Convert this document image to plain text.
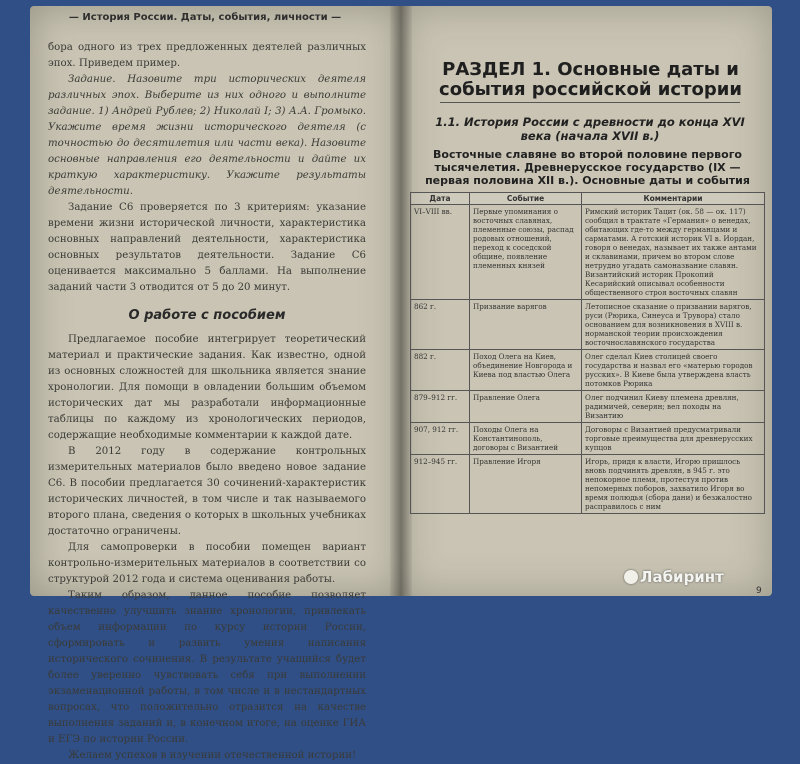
— История России. Даты, события, личности —

бора одного из трех предложенных деятелей различных эпох. Приведем пример.

Задание. Назовите три исторических деятеля различных эпох. Выберите из них одного и выполните задание. 1) Андрей Рублев; 2) Николай I; 3) А.А. Громыко. Укажите время жизни исторического деятеля (с точностью до десятилетия или части века). Назовите основные направления его деятельности и дайте их краткую характеристику. Укажите результаты деятельности.

Задание С6 проверяется по 3 критериям: указание времени жизни исторической личности, характеристика основных направлений деятельности, характеристика основных результатов деятельности. Задание С6 оценивается максимально 5 баллами. На выполнение заданий части 3 отводится от 5 до 20 минут.

О работе с пособием

Предлагаемое пособие интегрирует теоретический материал и практические задания. Как известно, одной из основных сложностей для школьника является знание хронологии. Для помощи в овладении большим объемом исторических дат мы разработали информационные таблицы по каждому из хронологических периодов, содержащие необходимые комментарии к каждой дате.

В 2012 году в содержание контрольных измерительных материалов было введено новое задание С6. В пособии предлагается 30 сочинений-характеристик исторических личностей, в том числе и так называемого второго плана, сведения о которых в школьных учебниках достаточно ограничены.

Для самопроверки в пособии помещен вариант контрольно-измерительных материалов в соответствии со структурой 2012 года и система оценивания работы.

Таким образом, данное пособие позволяет качественно улучшить знание хронологии, привлекать объем информации по курсу истории России, сформировать и развить умения написания исторического сочинения. В результате учащийся будет более уверенно чувствовать себя при выполнении экзаменационной работы, в том числе и в нестандартных вопросах, что положительно отразится на качестве выполнения заданий и, в конечном итоге, на оценке ГИА и ЕГЭ по истории России.

Желаем успехов в изучении отечественной истории!

РАЗДЕЛ 1. Основные даты и события российской истории
1.1. История России с древности до конца XVI века (начала XVII в.)
Восточные славяне во второй половине первого тысячелетия. Древнерусское государство (IX — первая половина XII в.). Основные даты и события
Дата	Событие	Комментарии
VI–VIII вв.	Первые упоминания о восточных славянах, племенные союзы, распад родовых отношений, переход к соседской общине, появление племенных князей	Римский историк Тацит (ок. 58 — ок. 117) сообщил в трактате «Германия» о венедах, обитающих где-то между германцами и сарматами. А готский историк VI в. Иордан, говоря о венедах, называет их также антами и склавинами, причем во втором слове нетрудно угадать самоназвание славян. Византийский историк Прокопий Кесарийский описывал особенности общественного строя восточных славян
862 г.	Призвание варягов	Летописное сказание о призвании варягов, руси (Рюрика, Синеуса и Трувора) стало основанием для возникновения в XVIII в. норманской теории происхождения восточнославянского государства
882 г.	Поход Олега на Киев, объединение Новгорода и Киева под властью Олега	Олег сделал Киев столицей своего государства и назвал его «матерью городов русских». В Киеве была утверждена власть потомков Рюрика
879–912 гг.	Правление Олега	Олег подчинил Киеву племена древлян, радимичей, северян; вел походы на Византию
907, 912 гг.	Походы Олега на Константинополь, договоры с Византией	Договоры с Византией предусматривали торговые преимущества для древнерусских купцов
912–945 гг.	Правление Игоря	Игорь, придя к власти, Игорю пришлось вновь подчинять древлян, в 945 г. это непокорное племя, протестуя против непомерных поборов, захватило Игоря во время полюдья (сбора дани) и безжалостно расправилось с ним
9
Лабиринт
